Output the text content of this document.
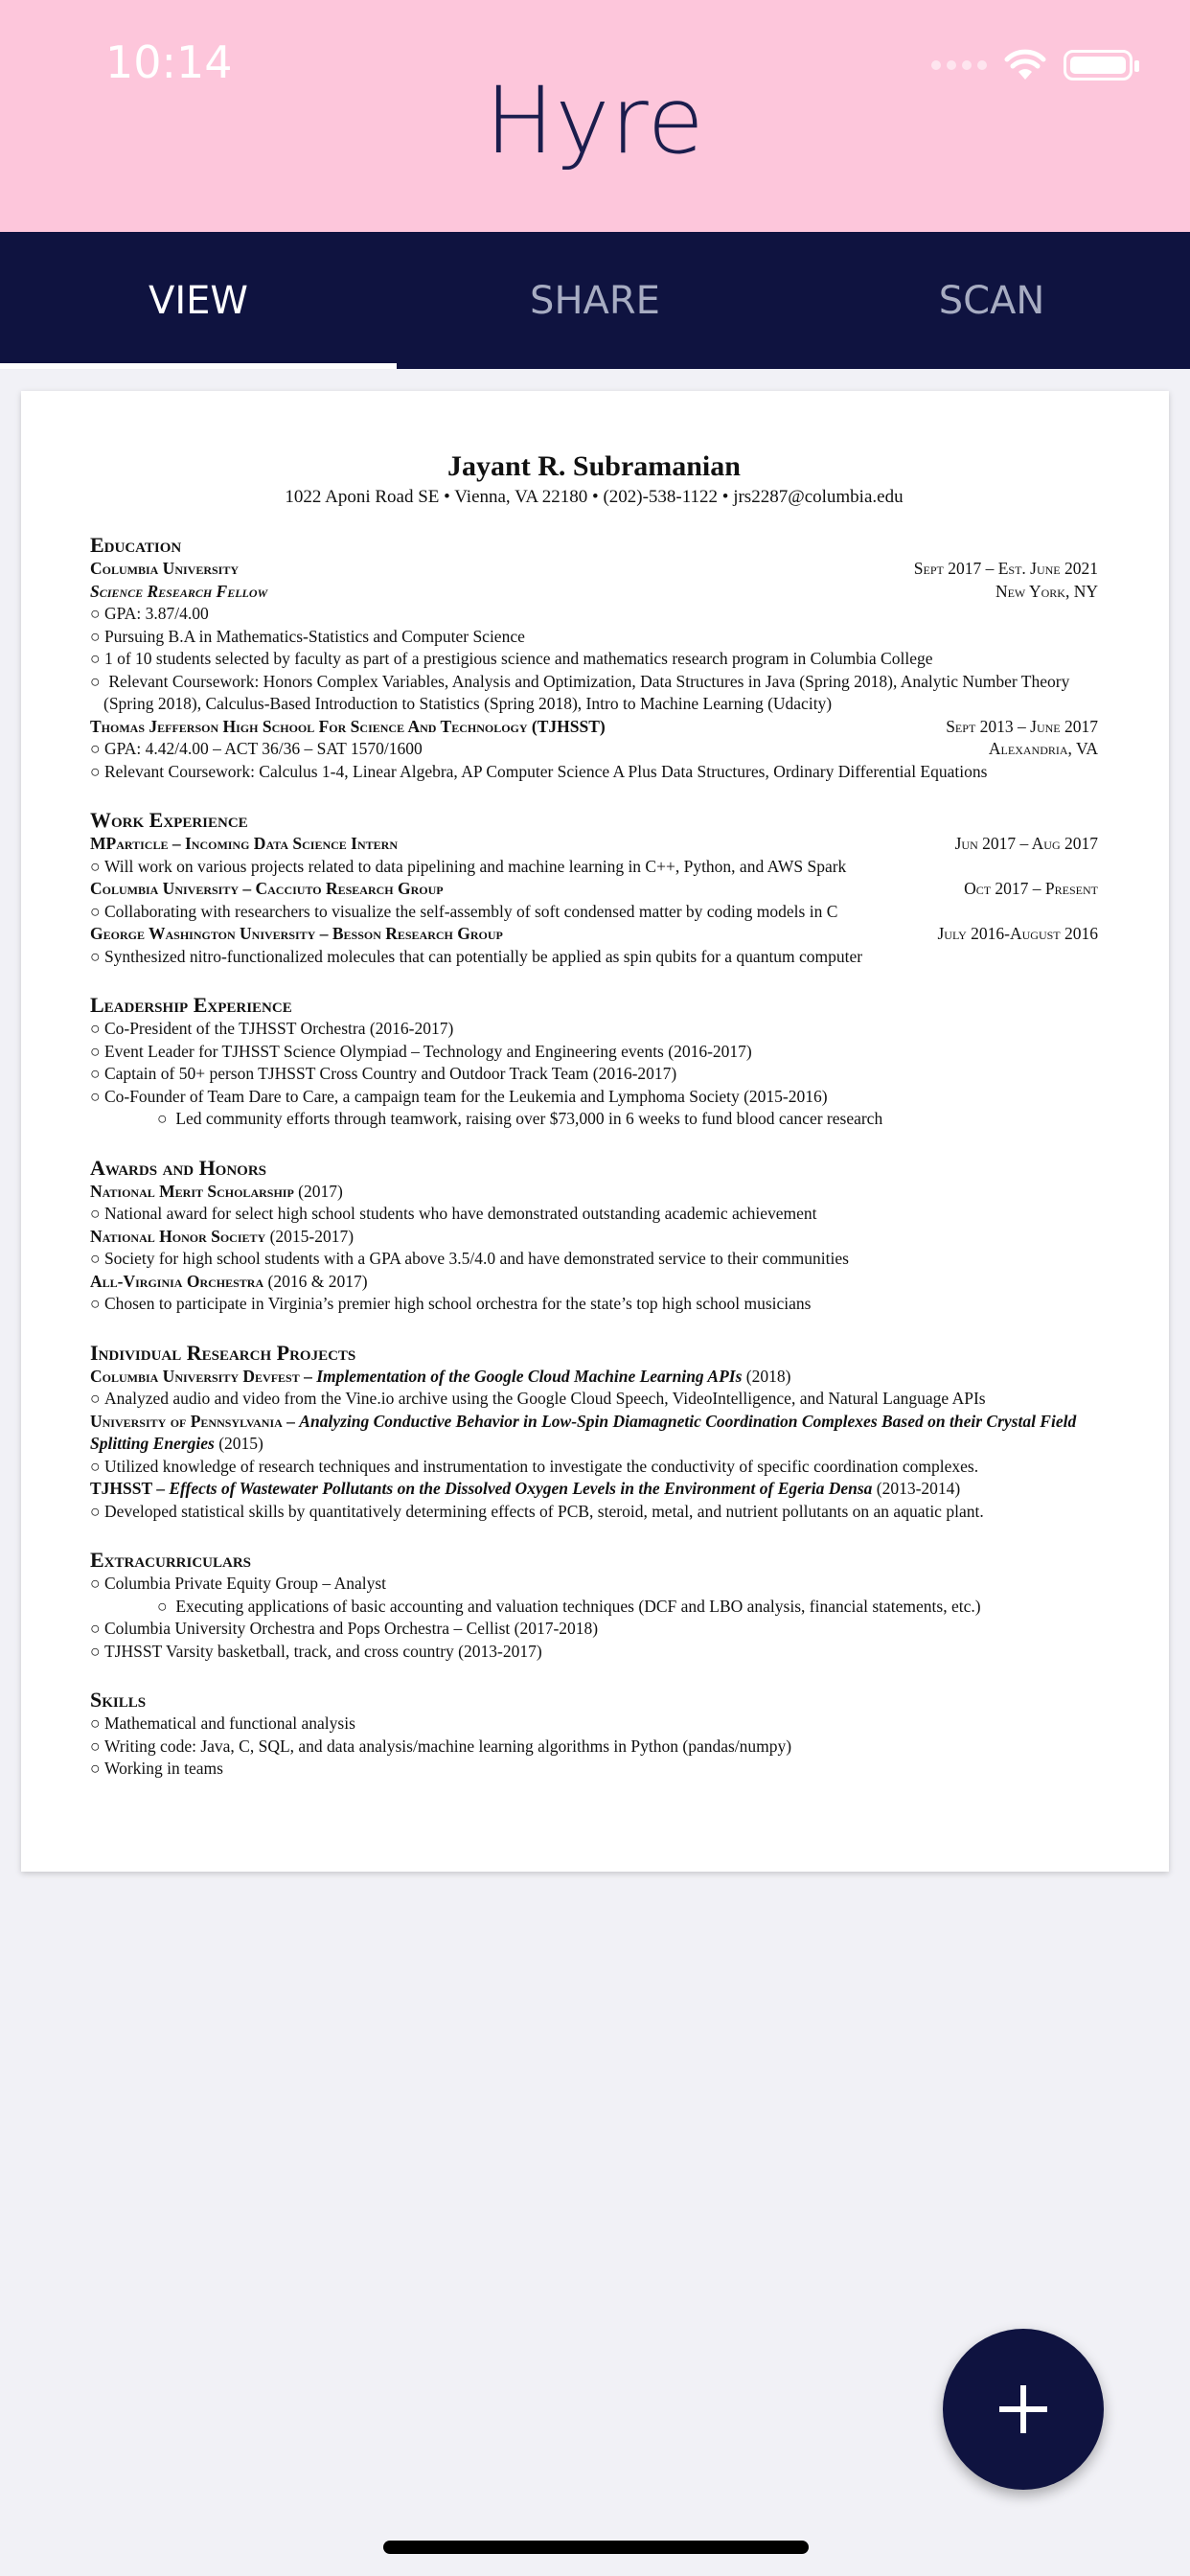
10:14
Hyre
VIEW	SHARE	SCAN
Jayant R. Subramanian
1022 Aponi Road SE • Vienna, VA 22180 • (202)-538-1122 • jrs2287@columbia.edu
Education
Columbia University	Sept 2017 – Est. June 2021
Science Research Fellow	New York, NY
○ GPA: 3.87/4.00
○ Pursuing B.A in Mathematics-Statistics and Computer Science
○ 1 of 10 students selected by faculty as part of a prestigious science and mathematics research program in Columbia College
○  Relevant Coursework: Honors Complex Variables, Analysis and Optimization, Data Structures in Java (Spring 2018), Analytic Number Theory (Spring 2018), Calculus-Based Introduction to Statistics (Spring 2018), Intro to Machine Learning (Udacity)
Thomas Jefferson High School For Science And Technology (TJHSST)	Sept 2013 – June 2017
○ GPA: 4.42/4.00 – ACT 36/36 – SAT 1570/1600	Alexandria, VA
○ Relevant Coursework: Calculus 1-4, Linear Algebra, AP Computer Science A Plus Data Structures, Ordinary Differential Equations
Work Experience
MParticle – Incoming Data Science Intern	Jun 2017 – Aug 2017
○ Will work on various projects related to data pipelining and machine learning in C++, Python, and AWS Spark
Columbia University – Cacciuto Research Group	Oct 2017 – Present
○ Collaborating with researchers to visualize the self-assembly of soft condensed matter by coding models in C
George Washington University – Besson Research Group	July 2016-August 2016
○ Synthesized nitro-functionalized molecules that can potentially be applied as spin qubits for a quantum computer
Leadership Experience
○ Co-President of the TJHSST Orchestra (2016-2017)
○ Event Leader for TJHSST Science Olympiad – Technology and Engineering events (2016-2017)
○ Captain of 50+ person TJHSST Cross Country and Outdoor Track Team (2016-2017)
○ Co-Founder of Team Dare to Care, a campaign team for the Leukemia and Lymphoma Society (2015-2016)
○  Led community efforts through teamwork, raising over $73,000 in 6 weeks to fund blood cancer research
Awards and Honors
National Merit Scholarship (2017)
○ National award for select high school students who have demonstrated outstanding academic achievement
National Honor Society (2015-2017)
○ Society for high school students with a GPA above 3.5/4.0 and have demonstrated service to their communities
All-Virginia Orchestra (2016 & 2017)
○ Chosen to participate in Virginia’s premier high school orchestra for the state’s top high school musicians
Individual Research Projects
Columbia University Devfest – Implementation of the Google Cloud Machine Learning APIs (2018)
○ Analyzed audio and video from the Vine.io archive using the Google Cloud Speech, VideoIntelligence, and Natural Language APIs
University of Pennsylvania – Analyzing Conductive Behavior in Low-Spin Diamagnetic Coordination Complexes Based on their Crystal Field Splitting Energies (2015)
○ Utilized knowledge of research techniques and instrumentation to investigate the conductivity of specific coordination complexes.
TJHSST – Effects of Wastewater Pollutants on the Dissolved Oxygen Levels in the Environment of Egeria Densa (2013-2014)
○ Developed statistical skills by quantitatively determining effects of PCB, steroid, metal, and nutrient pollutants on an aquatic plant.
Extracurriculars
○ Columbia Private Equity Group – Analyst
○  Executing applications of basic accounting and valuation techniques (DCF and LBO analysis, financial statements, etc.)
○ Columbia University Orchestra and Pops Orchestra – Cellist (2017-2018)
○ TJHSST Varsity basketball, track, and cross country (2013-2017)
Skills
○ Mathematical and functional analysis
○ Writing code: Java, C, SQL, and data analysis/machine learning algorithms in Python (pandas/numpy)
○ Working in teams
